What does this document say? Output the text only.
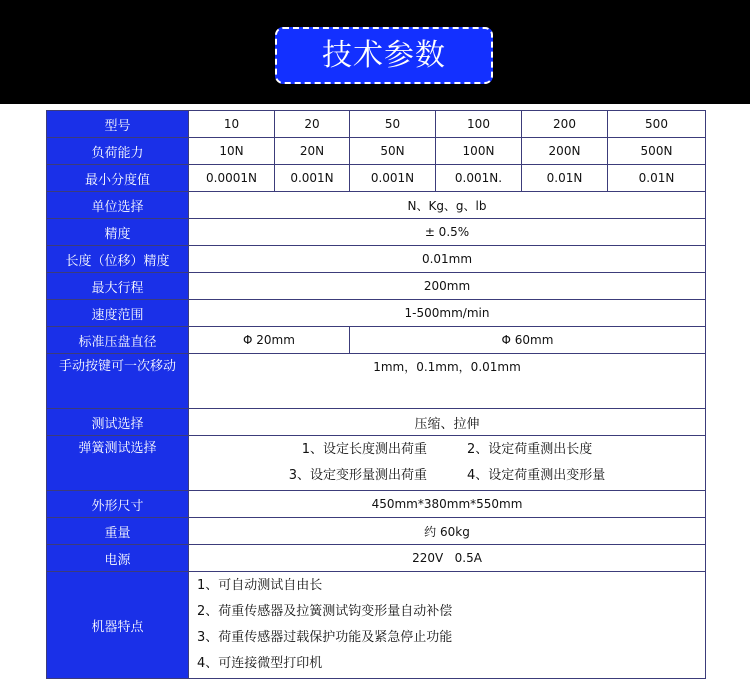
技术参数
型号	10	20	50	100	200	500
负荷能力	10N	20N	50N	100N	200N	500N
最小分度值	0.0001N	0.001N	0.001N	0.001N.	0.01N	0.01N
单位选择	N、Kg、g、lb					
精度	± 0.5%					
长度（位移）精度	0.01mm					
最大行程	200mm					
速度范围	1-500mm/min					
标准压盘直径	Φ 20mm		Φ 60mm			

手动按键可一次移动	1mm，0.1mm，0.01mm					
测试选择	压缩、拉伸					
弹簧测试选择	1、设定长度测出荷重 2、设定荷重测出长度
3、设定变形量测出荷重 4、设定荷重测出变形量					

外形尺寸	450mm*380mm*550mm					
重量	约 60kg					
电源	220V   0.5A					
机器特点	1、可自动测试自由长
2、荷重传感器及拉簧测试钩变形量自动补偿
3、荷重传感器过载保护功能及紧急停止功能
4、可连接微型打印机					
